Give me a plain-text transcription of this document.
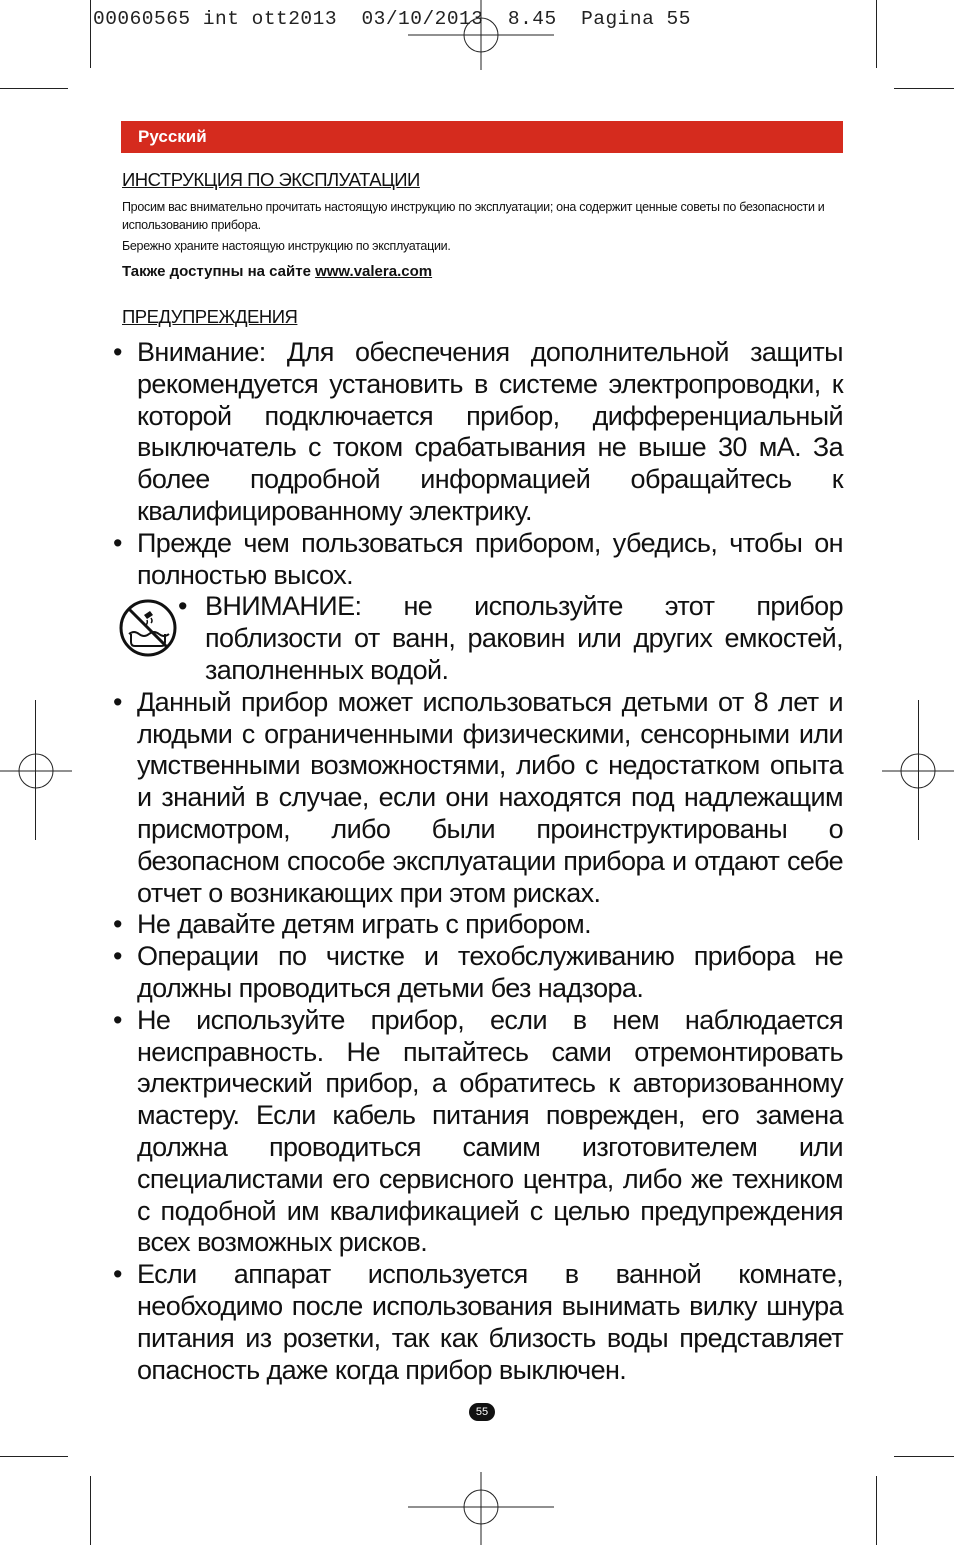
00060565 int ott2013  03/10/2013  8.45  Pagina 55
Русский
ИНСТРУКЦИЯ ПО ЭКСПЛУАТАЦИИ

Просим вас внимательно прочитать настоящую инструкцию по эксплуатации; она содержит ценные советы по безопасности и использованию прибора.

Бережно храните настоящую инструкцию по эксплуатации.

Также доступны на сайте www.valera.com
ПРЕДУПРЕЖДЕНИЯ
• Внимание: Для обеспечения дополнительной защиты рекомендуется установить в системе электропроводки, к которой подключается прибор, дифференциальный выключатель с током срабатывания не выше 30 мА. За более подробной информацией обращайтесь к квалифицированному электрику.
• Прежде чем пользоваться прибором, убедись, чтобы он полностью высох.
• ВНИМАНИЕ: не используйте этот прибор поблизости от ванн, раковин или других емкостей, заполненных водой.
• Данный прибор может использоваться детьми от 8 лет и людьми с ограниченными физическими, сенсорными или умственными возможностями, либо с недостатком опыта и знаний в случае, если они находятся под надлежащим присмотром, либо были проинструктированы о безопасном способе эксплуатации прибора и отдают себе отчет о возникающих при этом рисках.
• Не давайте детям играть с прибором.
• Операции по чистке и техобслуживанию прибора не должны проводиться детьми без надзора.
• Не используйте прибор, если в нем наблюдается неисправность. Не пытайтесь сами отремонтировать электрический прибор, а обратитесь к авторизованному мастеру. Если кабель питания поврежден, его замена должна проводиться самим изготовителем или специалистами его сервисного центра, либо же техником с подобной им квалификацией с целью предупреждения всех возможных рисков.
• Если аппарат используется в ванной комнате, необходимо после использования вынимать вилку шнура питания из розетки, так как близость воды представляет опасность даже когда прибор выключен.
55
